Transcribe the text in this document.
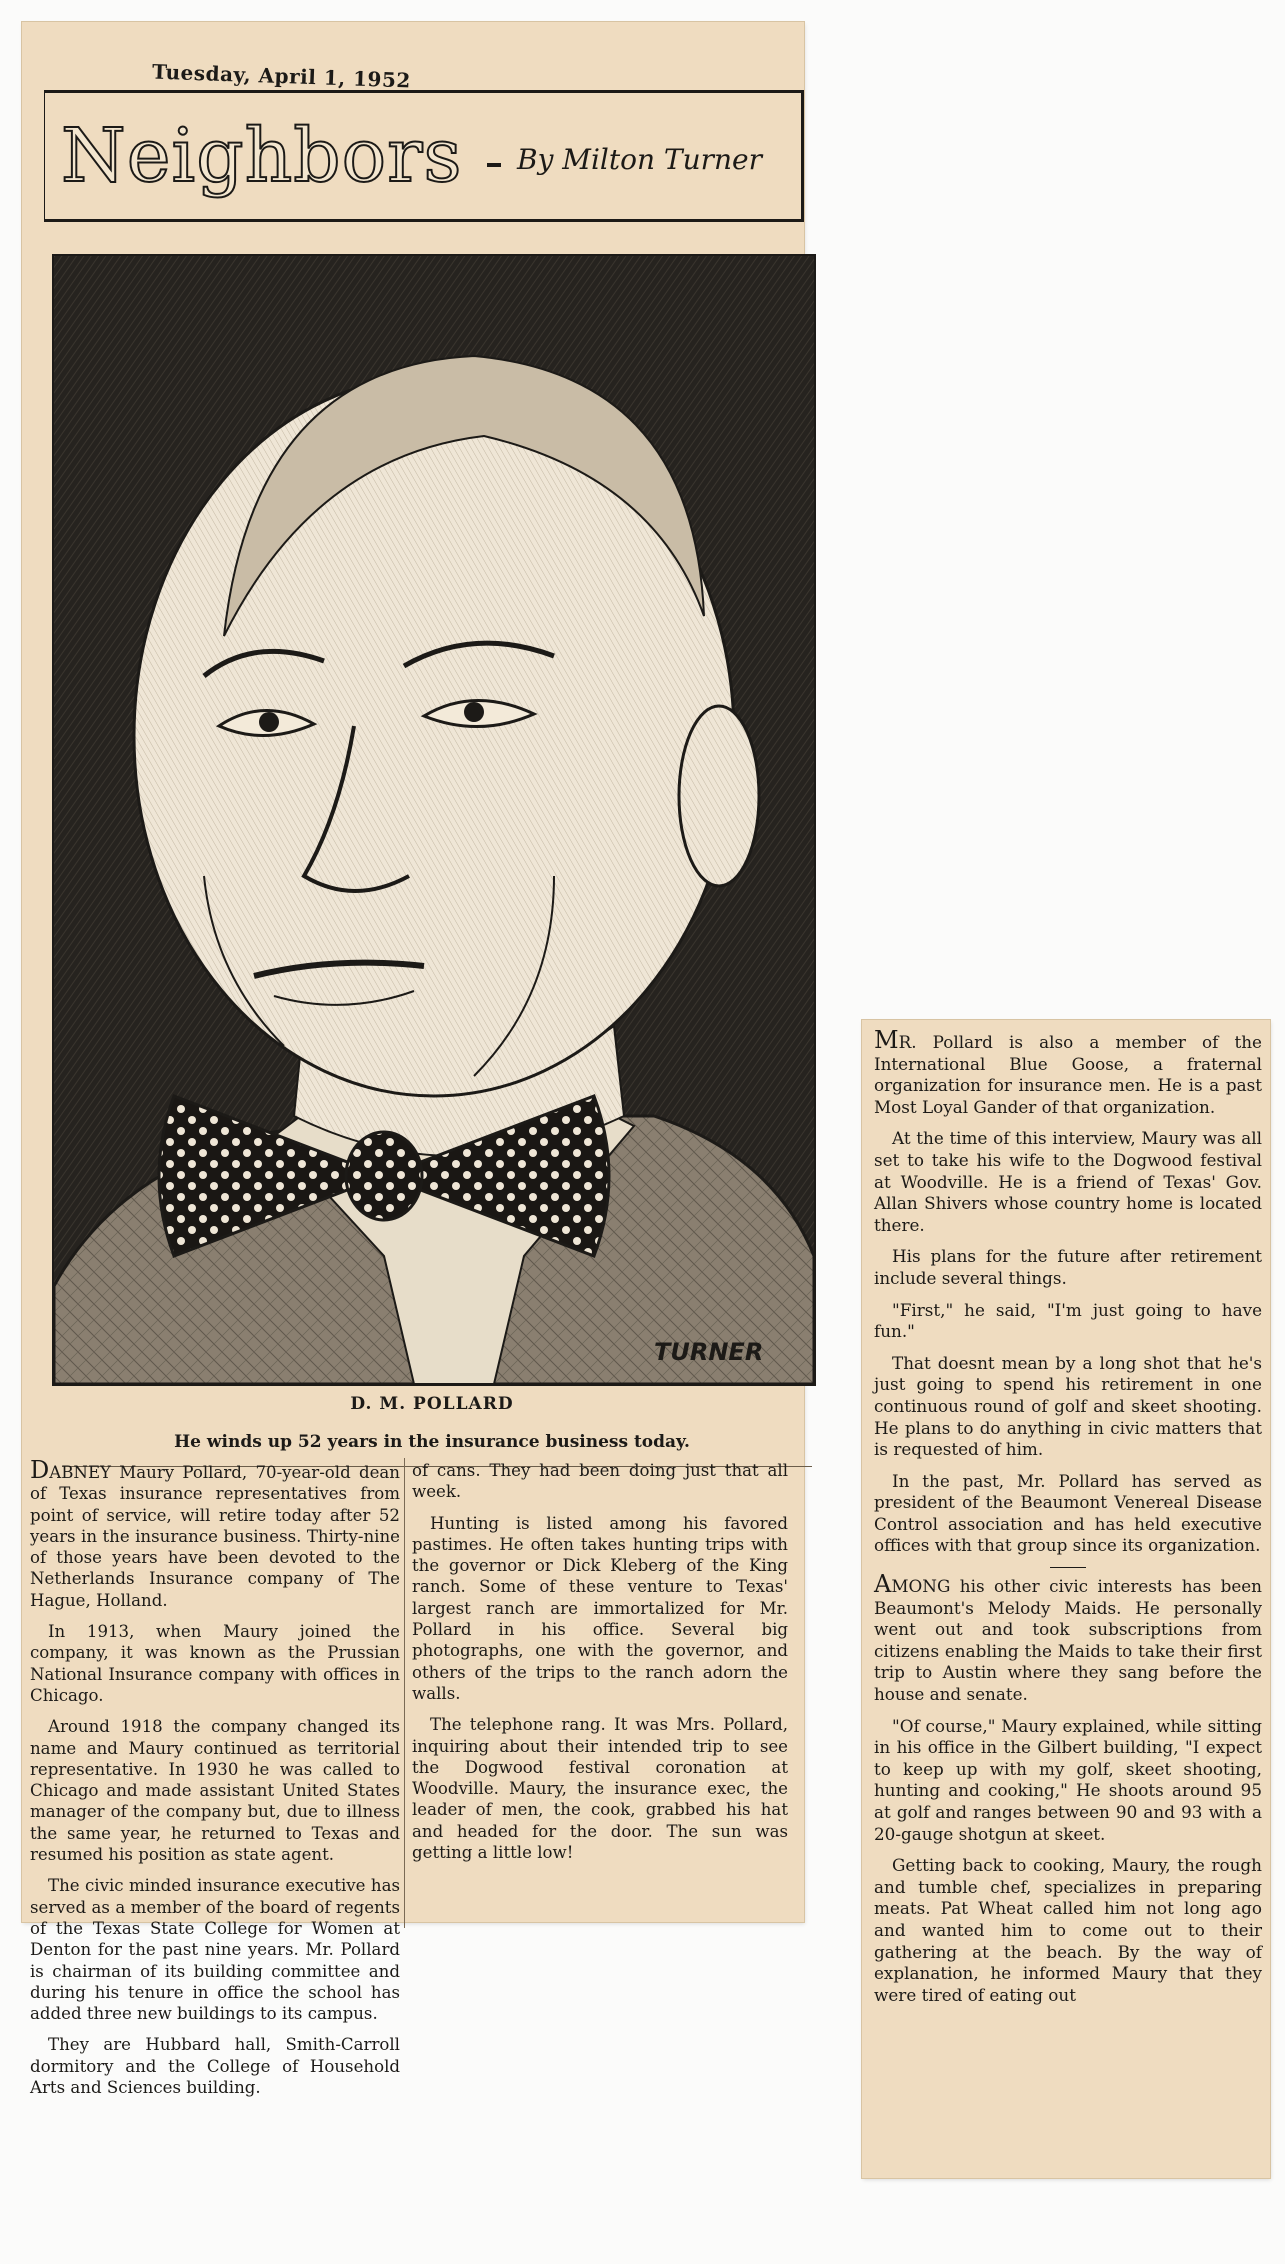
Tuesday, April 1, 1952
Neighbors By Milton Turner
TURNER
D. M. POLLARD
He winds up 52 years in the insurance business today.

DABNEY Maury Pollard, 70-year-old dean of Texas insurance representatives from point of service, will retire today after 52 years in the insurance business. Thirty-nine of those years have been devoted to the Netherlands Insurance company of The Hague, Holland.

In 1913, when Maury joined the company, it was known as the Prussian National Insurance company with offices in Chicago.

Around 1918 the company changed its name and Maury continued as territorial representative. In 1930 he was called to Chicago and made assistant United States manager of the company but, due to illness the same year, he returned to Texas and resumed his position as state agent.

The civic minded insurance executive has served as a member of the board of regents of the Texas State College for Women at Denton for the past nine years. Mr. Pollard is chairman of its building committee and during his tenure in office the school has added three new buildings to its campus.

They are Hubbard hall, Smith-Carroll dormitory and the College of Household Arts and Sciences building.

of cans. They had been doing just that all week.

Hunting is listed among his favored pastimes. He often takes hunting trips with the governor or Dick Kleberg of the King ranch. Some of these venture to Texas' largest ranch are immortalized for Mr. Pollard in his office. Several big photographs, one with the governor, and others of the trips to the ranch adorn the walls.

The telephone rang. It was Mrs. Pollard, inquiring about their intended trip to see the Dogwood festival coronation at Woodville. Maury, the insurance exec, the leader of men, the cook, grabbed his hat and headed for the door. The sun was getting a little low!

MR. Pollard is also a member of the International Blue Goose, a fraternal organization for insurance men. He is a past Most Loyal Gander of that organization.

At the time of this interview, Maury was all set to take his wife to the Dogwood festival at Woodville. He is a friend of Texas' Gov. Allan Shivers whose country home is located there.

His plans for the future after retirement include several things.

"First," he said, "I'm just going to have fun."

That doesnt mean by a long shot that he's just going to spend his retirement in one continuous round of golf and skeet shooting. He plans to do anything in civic matters that is requested of him.

In the past, Mr. Pollard has served as president of the Beaumont Venereal Disease Control association and has held executive offices with that group since its organization.

AMONG his other civic interests has been Beaumont's Melody Maids. He personally went out and took subscriptions from citizens enabling the Maids to take their first trip to Austin where they sang before the house and senate.

"Of course," Maury explained, while sitting in his office in the Gilbert building, "I expect to keep up with my golf, skeet shooting, hunting and cooking," He shoots around 95 at golf and ranges between 90 and 93 with a 20-gauge shotgun at skeet.

Getting back to cooking, Maury, the rough and tumble chef, specializes in preparing meats. Pat Wheat called him not long ago and wanted him to come out to their gathering at the beach. By the way of explanation, he informed Maury that they were tired of eating out
